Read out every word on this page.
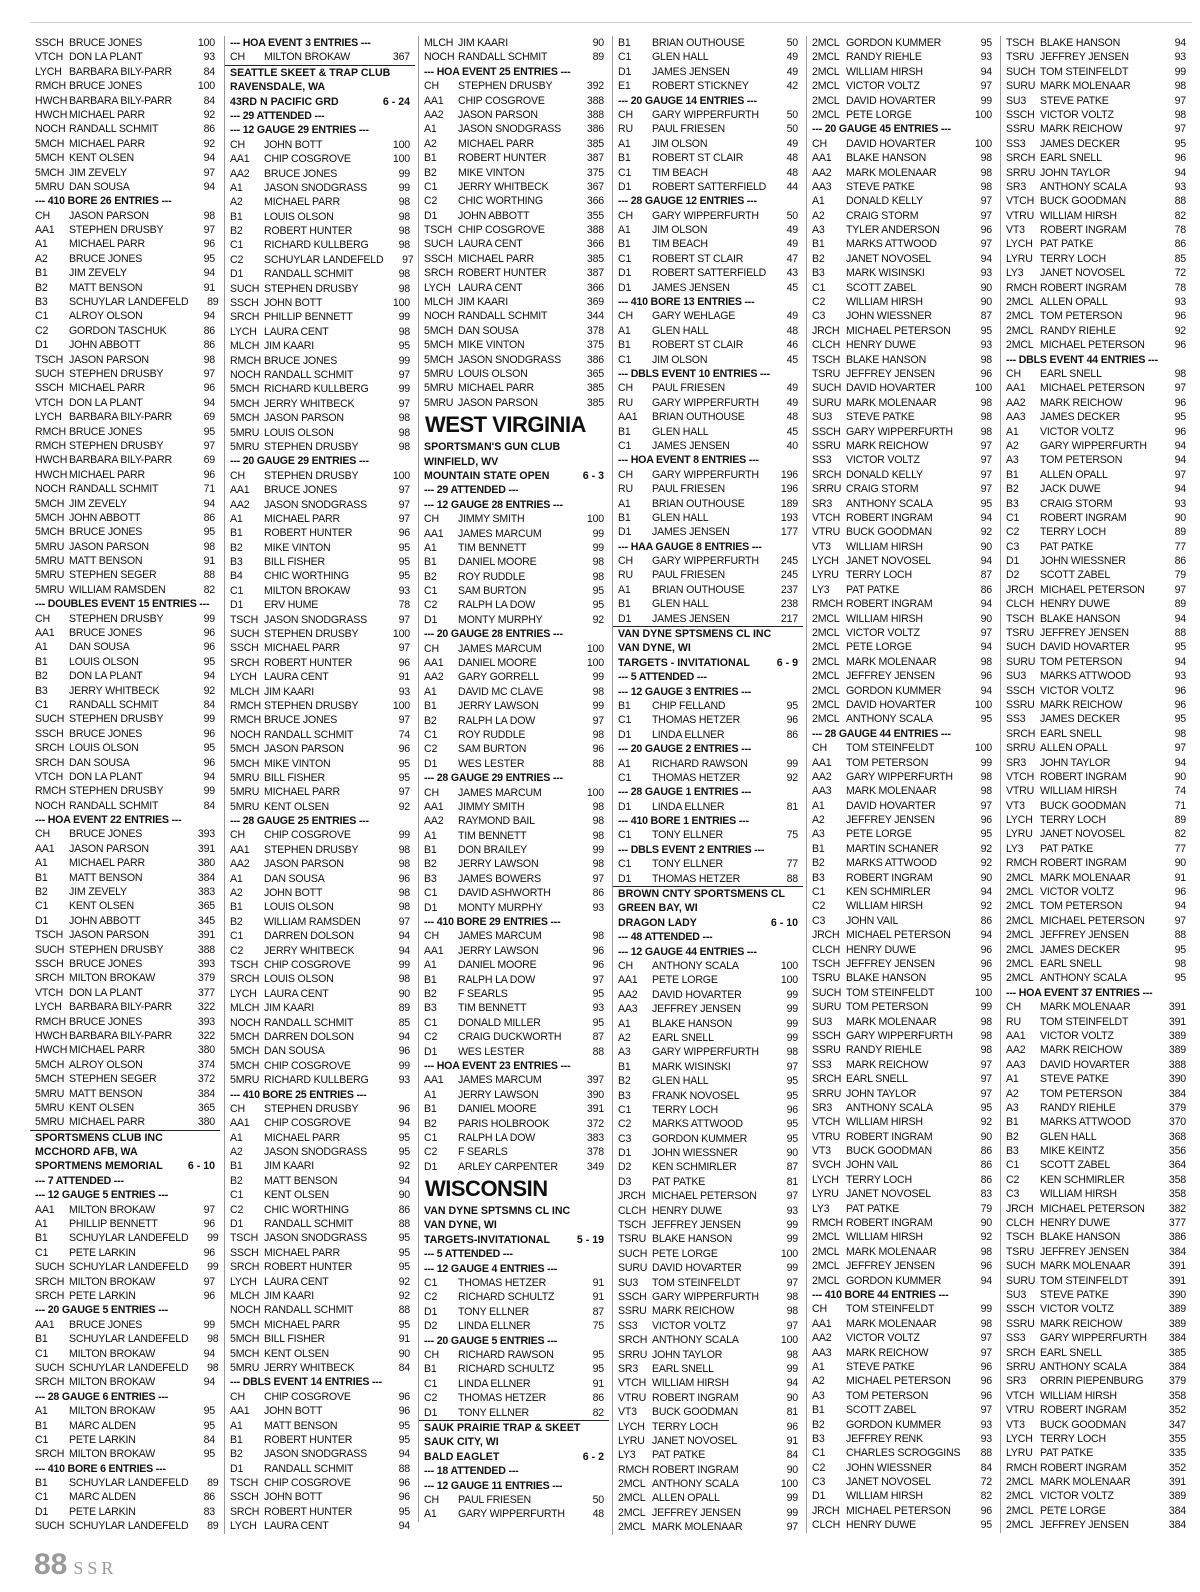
SSCH BRUCE JONES	100
VTCH DON LA PLANT	93
LYCH BARBARA BILY-PARR	84
RMCH BRUCE JONES	100
HWCH BARBARA BILY-PARR	84
HWCH MICHAEL PARR	92
NOCH RANDALL SCHMIT	86
5MCH MICHAEL PARR	92
5MCH KENT OLSEN	94
5MCH JIM ZEVELY	97
5MRU DAN SOUSA	94
--- 410 BORE 26 ENTRIES ---
CH	JASON PARSON	98
AA1	STEPHEN DRUSBY	97
A1	MICHAEL PARR	96
A2	BRUCE JONES	95
B1	JIM ZEVELY	94
B2	MATT BENSON	91
B3	SCHUYLAR LANDEFELD	89
C1	ALROY OLSON	94
C2	GORDON TASCHUK	86
D1	JOHN ABBOTT	86
TSCH JASON PARSON	98
SUCH STEPHEN DRUSBY	97
SSCH MICHAEL PARR	96
VTCH DON LA PLANT	94
LYCH BARBARA BILY-PARR	69
RMCH BRUCE JONES	95
RMCH STEPHEN DRUSBY	97
HWCH BARBARA BILY-PARR	69
HWCH MICHAEL PARR	96
NOCH RANDALL SCHMIT	71
5MCH JIM ZEVELY	94
5MCH JOHN ABBOTT	86
5MCH BRUCE JONES	95
5MRU JASON PARSON	98
5MRU MATT BENSON	91
5MRU STEPHEN SEGER	88
5MRU WILLIAM RAMSDEN	82
--- DOUBLES EVENT 15 ENTRIES ---
CH	STEPHEN DRUSBY	99
AA1	BRUCE JONES	96
A1	DAN SOUSA	96
B1	LOUIS OLSON	95
B2	DON LA PLANT	94
B3	JERRY WHITBECK	92
C1	RANDALL SCHMIT	84
SUCH STEPHEN DRUSBY	99
SSCH BRUCE JONES	96
SRCH LOUIS OLSON	95
SRCH DAN SOUSA	96
VTCH DON LA PLANT	94
RMCH STEPHEN DRUSBY	99
NOCH RANDALL SCHMIT	84
--- HOA EVENT 22 ENTRIES ---
CH	BRUCE JONES	393
AA1	JASON PARSON	391
A1	MICHAEL PARR	380
B1	MATT BENSON	384
B2	JIM ZEVELY	383
C1	KENT OLSEN	365
D1	JOHN ABBOTT	345
TSCH JASON PARSON	391
SUCH STEPHEN DRUSBY	388
SSCH BRUCE JONES	393
SRCH MILTON BROKAW	379
VTCH DON LA PLANT	377
LYCH BARBARA BILY-PARR	322
RMCH BRUCE JONES	393
HWCH BARBARA BILY-PARR	322
HWCH MICHAEL PARR	380
5MCH ALROY OLSON	374
5MCH STEPHEN SEGER	372
5MRU MATT BENSON	384
5MRU KENT OLSEN	365
5MRU MICHAEL PARR	380
SPORTSMENS CLUB INC
MCCHORD AFB, WA
SPORTMENS MEMORIAL	6 - 10
--- 7 ATTENDED ---
--- 12 GAUGE 5 ENTRIES ---
AA1	MILTON BROKAW	97
A1	PHILLIP BENNETT	96
B1	SCHUYLAR LANDEFELD	99
C1	PETE LARKIN	96
SUCH SCHUYLAR LANDEFELD	99
SRCH MILTON BROKAW	97
SRCH PETE LARKIN	96
--- 20 GAUGE 5 ENTRIES ---
AA1	BRUCE JONES	99
B1	SCHUYLAR LANDEFELD	98
C1	MILTON BROKAW	94
SUCH SCHUYLAR LANDEFELD	98
SRCH MILTON BROKAW	94
--- 28 GAUGE 6 ENTRIES ---
A1	MILTON BROKAW	95
B1	MARC ALDEN	95
C1	PETE LARKIN	84
SRCH MILTON BROKAW	95
--- 410 BORE 6 ENTRIES ---
B1	SCHUYLAR LANDEFELD	89
C1	MARC ALDEN	86
D1	PETE LARKIN	83
SUCH SCHUYLAR LANDEFELD	89
--- HOA EVENT 3 ENTRIES ---
CH	MILTON BROKAW	367
SEATTLE SKEET & TRAP CLUB
RAVENSDALE, WA
43RD N PACIFIC GRD	6 - 24
--- 29 ATTENDED ---
--- 12 GAUGE 29 ENTRIES ---
CH	JOHN BOTT	100
AA1	CHIP COSGROVE	100
AA2	BRUCE JONES	99
A1	JASON SNODGRASS	99
A2	MICHAEL PARR	98
B1	LOUIS OLSON	98
B2	ROBERT HUNTER	98
C1	RICHARD KULLBERG	98
C2	SCHUYLAR LANDEFELD	97
D1	RANDALL SCHMIT	98
SUCH STEPHEN DRUSBY	98
SSCH JOHN BOTT	100
SRCH PHILLIP BENNETT	99
LYCH LAURA CENT	98
MLCH JIM KAARI	95
RMCH BRUCE JONES	99
NOCH RANDALL SCHMIT	97
5MCH RICHARD KULLBERG	99
5MCH JERRY WHITBECK	97
5MCH JASON PARSON	98
5MRU LOUIS OLSON	98
5MRU STEPHEN DRUSBY	98
--- 20 GAUGE 29 ENTRIES ---
CH	STEPHEN DRUSBY	100
AA1	BRUCE JONES	97
AA2	JASON SNODGRASS	97
A1	MICHAEL PARR	97
B1	ROBERT HUNTER	96
B2	MIKE VINTON	95
B3	BILL FISHER	95
B4	CHIC WORTHING	95
C1	MILTON BROKAW	93
D1	ERV HUME	78
TSCH JASON SNODGRASS	97
SUCH STEPHEN DRUSBY	100
SSCH MICHAEL PARR	97
SRCH ROBERT HUNTER	96
LYCH LAURA CENT	91
MLCH JIM KAARI	93
RMCH STEPHEN DRUSBY	100
RMCH BRUCE JONES	97
NOCH RANDALL SCHMIT	74
5MCH JASON PARSON	96
5MCH MIKE VINTON	95
5MRU BILL FISHER	95
5MRU MICHAEL PARR	97
5MRU KENT OLSEN	92
--- 28 GAUGE 25 ENTRIES ---
CH	CHIP COSGROVE	99
AA1	STEPHEN DRUSBY	98
AA2	JASON PARSON	98
A1	DAN SOUSA	96
A2	JOHN BOTT	98
B1	LOUIS OLSON	98
B2	WILLIAM RAMSDEN	97
C1	DARREN DOLSON	94
C2	JERRY WHITBECK	94
TSCH CHIP COSGROVE	99
SRCH LOUIS OLSON	98
LYCH LAURA CENT	90
MLCH JIM KAARI	89
NOCH RANDALL SCHMIT	85
5MCH DARREN DOLSON	94
5MCH DAN SOUSA	96
5MCH CHIP COSGROVE	99
5MRU RICHARD KULLBERG	93
--- 410 BORE 25 ENTRIES ---
CH	STEPHEN DRUSBY	96
AA1	CHIP COSGROVE	94
A1	MICHAEL PARR	95
A2	JASON SNODGRASS	95
B1	JIM KAARI	92
B2	MATT BENSON	94
C1	KENT OLSEN	90
C2	CHIC WORTHING	86
D1	RANDALL SCHMIT	88
TSCH JASON SNODGRASS	95
SSCH MICHAEL PARR	95
SRCH ROBERT HUNTER	95
LYCH LAURA CENT	92
MLCH JIM KAARI	92
NOCH RANDALL SCHMIT	88
5MCH MICHAEL PARR	95
5MCH BILL FISHER	91
5MCH KENT OLSEN	90
5MRU JERRY WHITBECK	84
--- DBLS EVENT 14 ENTRIES ---
CH	CHIP COSGROVE	96
AA1	JOHN BOTT	96
A1	MATT BENSON	95
B1	ROBERT HUNTER	95
B2	JASON SNODGRASS	94
D1	RANDALL SCHMIT	88
TSCH CHIP COSGROVE	96
SSCH JOHN BOTT	96
SRCH ROBERT HUNTER	95
LYCH LAURA CENT	94
MLCH JIM KAARI	90
NOCH RANDALL SCHMIT	89
--- HOA EVENT 25 ENTRIES ---
CH	STEPHEN DRUSBY	392
AA1	CHIP COSGROVE	388
AA2	JASON PARSON	388
A1	JASON SNODGRASS	386
A2	MICHAEL PARR	385
B1	ROBERT HUNTER	387
B2	MIKE VINTON	375
C1	JERRY WHITBECK	367
C2	CHIC WORTHING	366
D1	JOHN ABBOTT	355
TSCH CHIP COSGROVE	388
SUCH LAURA CENT	366
SSCH MICHAEL PARR	385
SRCH ROBERT HUNTER	387
LYCH LAURA CENT	366
MLCH JIM KAARI	369
NOCH RANDALL SCHMIT	344
5MCH DAN SOUSA	378
5MCH MIKE VINTON	375
5MCH JASON SNODGRASS	386
5MRU LOUIS OLSON	365
5MRU MICHAEL PARR	385
5MRU JASON PARSON	385
WEST VIRGINIA
SPORTSMAN'S GUN CLUB
WINFIELD, WV
MOUNTAIN STATE OPEN	6 - 3
--- 29 ATTENDED ---
--- 12 GAUGE 28 ENTRIES ---
CH	JIMMY SMITH	100
AA1	JAMES MARCUM	99
A1	TIM BENNETT	99
B1	DANIEL MOORE	98
B2	ROY RUDDLE	98
C1	SAM BURTON	95
C2	RALPH LA DOW	95
D1	MONTY MURPHY	92
--- 20 GAUGE 28 ENTRIES ---
CH	JAMES MARCUM	100
AA1	DANIEL MOORE	100
AA2	GARY GORRELL	99
A1	DAVID MC CLAVE	98
B1	JERRY LAWSON	99
B2	RALPH LA DOW	97
C1	ROY RUDDLE	98
C2	SAM BURTON	96
D1	WES LESTER	88
--- 28 GAUGE 29 ENTRIES ---
CH	JAMES MARCUM	100
AA1	JIMMY SMITH	98
AA2	RAYMOND BAIL	98
A1	TIM BENNETT	98
B1	DON BRAILEY	99
B2	JERRY LAWSON	98
B3	JAMES BOWERS	97
C1	DAVID ASHWORTH	86
D1	MONTY MURPHY	93
--- 410 BORE 29 ENTRIES ---
CH	JAMES MARCUM	98
AA1	JERRY LAWSON	96
A1	DANIEL MOORE	96
B1	RALPH LA DOW	97
B2	F SEARLS	95
B3	TIM BENNETT	93
C1	DONALD MILLER	95
C2	CRAIG DUCKWORTH	87
D1	WES LESTER	88
--- HOA EVENT 23 ENTRIES ---
AA1	JAMES MARCUM	397
A1	JERRY LAWSON	390
B1	DANIEL MOORE	391
B2	PARIS HOLBROOK	372
C1	RALPH LA DOW	383
C2	F SEARLS	378
D1	ARLEY CARPENTER	349
WISCONSIN
VAN DYNE SPTSMNS CL INC
VAN DYNE, WI
TARGETS-INVITATIONAL	5 - 19
--- 5 ATTENDED ---
--- 12 GAUGE 4 ENTRIES ---
C1	THOMAS HETZER	91
C2	RICHARD SCHULTZ	91
D1	TONY ELLNER	87
D2	LINDA ELLNER	75
--- 20 GAUGE 5 ENTRIES ---
CH	RICHARD RAWSON	95
B1	RICHARD SCHULTZ	95
C1	LINDA ELLNER	91
C2	THOMAS HETZER	86
D1	TONY ELLNER	82
SAUK PRAIRIE TRAP & SKEET
SAUK CITY, WI
BALD EAGLET	6 - 2
--- 18 ATTENDED ---
--- 12 GAUGE 11 ENTRIES ---
CH	PAUL FRIESEN	50
A1	GARY WIPPERFURTH	48
B1	BRIAN OUTHOUSE	50
C1	GLEN HALL	49
D1	JAMES JENSEN	49
E1	ROBERT STICKNEY	42
--- 20 GAUGE 14 ENTRIES ---
CH	GARY WIPPERFURTH	50
RU	PAUL FRIESEN	50
A1	JIM OLSON	49
B1	ROBERT ST CLAIR	48
C1	TIM BEACH	48
D1	ROBERT SATTERFIELD	44
--- 28 GAUGE 12 ENTRIES ---
CH	GARY WIPPERFURTH	50
A1	JIM OLSON	49
B1	TIM BEACH	49
C1	ROBERT ST CLAIR	47
D1	ROBERT SATTERFIELD	43
D1	JAMES JENSEN	45
--- 410 BORE 13 ENTRIES ---
CH	GARY WEHLAGE	49
A1	GLEN HALL	48
B1	ROBERT ST CLAIR	46
C1	JIM OLSON	45
--- DBLS EVENT 10 ENTRIES ---
CH	PAUL FRIESEN	49
RU	GARY WIPPERFURTH	49
AA1	BRIAN OUTHOUSE	48
B1	GLEN HALL	45
C1	JAMES JENSEN	40
--- HOA EVENT 8 ENTRIES ---
CH	GARY WIPPERFURTH	196
RU	PAUL FRIESEN	196
A1	BRIAN OUTHOUSE	189
B1	GLEN HALL	193
D1	JAMES JENSEN	177
--- HAA GAUGE 8 ENTRIES ---
CH	GARY WIPPERFURTH	245
RU	PAUL FRIESEN	245
A1	BRIAN OUTHOUSE	237
B1	GLEN HALL	238
D1	JAMES JENSEN	217
VAN DYNE SPTSMENS CL INC
VAN DYNE, WI
TARGETS - INVITATIONAL	6 - 9
--- 5 ATTENDED ---
--- 12 GAUGE 3 ENTRIES ---
B1	CHIP FELLAND	95
C1	THOMAS HETZER	96
D1	LINDA ELLNER	86
--- 20 GAUGE 2 ENTRIES ---
A1	RICHARD RAWSON	99
C1	THOMAS HETZER	92
--- 28 GAUGE 1 ENTRIES ---
D1	LINDA ELLNER	81
--- 410 BORE 1 ENTRIES ---
C1	TONY ELLNER	75
--- DBLS EVENT 2 ENTRIES ---
C1	TONY ELLNER	77
D1	THOMAS HETZER	88
BROWN CNTY SPORTSMENS CL
GREEN BAY, WI
DRAGON LADY	6 - 10
--- 48 ATTENDED ---
--- 12 GAUGE 44 ENTRIES ---
CH	ANTHONY SCALA	100
AA1	PETE LORGE	100
AA2	DAVID HOVARTER	99
AA3	JEFFREY JENSEN	99
A1	BLAKE HANSON	99
A2	EARL SNELL	99
A3	GARY WIPPERFURTH	98
B1	MARK WISINSKI	97
B2	GLEN HALL	95
B3	FRANK NOVOSEL	95
C1	TERRY LOCH	96
C2	MARKS ATTWOOD	95
C3	GORDON KUMMER	95
D1	JOHN WIESSNER	90
D2	KEN SCHMIRLER	87
D3	PAT PATKE	81
JRCH MICHAEL PETERSON	97
CLCH HENRY DUWE	93
TSCH JEFFREY JENSEN	99
TSRU BLAKE HANSON	99
SUCH PETE LORGE	100
SURU DAVID HOVARTER	99
SU3	TOM STEINFELDT	97
SSCH GARY WIPPERFURTH	98
SSRU MARK REICHOW	98
SS3	VICTOR VOLTZ	97
SRCH ANTHONY SCALA	100
SRRU JOHN TAYLOR	98
SR3	EARL SNELL	99
VTCH WILLIAM HIRSH	94
VTRU ROBERT INGRAM	90
VT3	BUCK GOODMAN	81
LYCH TERRY LOCH	96
LYRU JANET NOVOSEL	91
LY3	PAT PATKE	84
RMCH ROBERT INGRAM	90
2MCL ANTHONY SCALA	100
2MCL ALLEN OPALL	99
2MCL JEFFREY JENSEN	99
2MCL MARK MOLENAAR	97
2MCL GORDON KUMMER	95
2MCL RANDY RIEHLE	93
2MCL WILLIAM HIRSH	94
2MCL VICTOR VOLTZ	97
2MCL DAVID HOVARTER	99
2MCL PETE LORGE	100
--- 20 GAUGE 45 ENTRIES ---
CH	DAVID HOVARTER	100
AA1	BLAKE HANSON	98
AA2	MARK MOLENAAR	98
AA3	STEVE PATKE	98
A1	DONALD KELLY	97
A2	CRAIG STORM	97
A3	TYLER ANDERSON	96
B1	MARKS ATTWOOD	97
B2	JANET NOVOSEL	94
B3	MARK WISINSKI	93
C1	SCOTT ZABEL	90
C2	WILLIAM HIRSH	90
C3	JOHN WIESSNER	87
JRCH MICHAEL PETERSON	95
CLCH HENRY DUWE	93
TSCH BLAKE HANSON	98
TSRU JEFFREY JENSEN	96
SUCH DAVID HOVARTER	100
SURU MARK MOLENAAR	98
SU3	STEVE PATKE	98
SSCH GARY WIPPERFURTH	98
SSRU MARK REICHOW	97
SS3	VICTOR VOLTZ	97
SRCH DONALD KELLY	97
SRRU CRAIG STORM	97
SR3	ANTHONY SCALA	95
VTCH ROBERT INGRAM	94
VTRU BUCK GOODMAN	92
VT3	WILLIAM HIRSH	90
LYCH JANET NOVOSEL	94
LYRU TERRY LOCH	87
LY3	PAT PATKE	86
RMCH ROBERT INGRAM	94
2MCL WILLIAM HIRSH	90
2MCL VICTOR VOLTZ	97
2MCL PETE LORGE	94
2MCL MARK MOLENAAR	98
2MCL JEFFREY JENSEN	96
2MCL GORDON KUMMER	94
2MCL DAVID HOVARTER	100
2MCL ANTHONY SCALA	95
--- 28 GAUGE 44 ENTRIES ---
CH	TOM STEINFELDT	100
AA1	TOM PETERSON	99
AA2	GARY WIPPERFURTH	98
AA3	MARK MOLENAAR	98
A1	DAVID HOVARTER	97
A2	JEFFREY JENSEN	96
A3	PETE LORGE	95
B1	MARTIN SCHANER	92
B2	MARKS ATTWOOD	92
B3	ROBERT INGRAM	90
C1	KEN SCHMIRLER	94
C2	WILLIAM HIRSH	92
C3	JOHN VAIL	86
JRCH MICHAEL PETERSON	94
CLCH HENRY DUWE	96
TSCH JEFFREY JENSEN	96
TSRU BLAKE HANSON	95
SUCH TOM STEINFELDT	100
SURU TOM PETERSON	99
SU3	MARK MOLENAAR	98
SSCH GARY WIPPERFURTH	98
SSRU RANDY RIEHLE	98
SS3	MARK REICHOW	97
SRCH EARL SNELL	97
SRRU JOHN TAYLOR	97
SR3	ANTHONY SCALA	95
VTCH WILLIAM HIRSH	92
VTRU ROBERT INGRAM	90
VT3	BUCK GOODMAN	86
SVCH JOHN VAIL	86
LYCH TERRY LOCH	86
LYRU JANET NOVOSEL	83
LY3	PAT PATKE	79
RMCH ROBERT INGRAM	90
2MCL WILLIAM HIRSH	92
2MCL MARK MOLENAAR	98
2MCL JEFFREY JENSEN	96
2MCL GORDON KUMMER	94
--- 410 BORE 44 ENTRIES ---
CH	TOM STEINFELDT	99
AA1	MARK MOLENAAR	98
AA2	VICTOR VOLTZ	97
AA3	MARK REICHOW	97
A1	STEVE PATKE	96
A2	MICHAEL PETERSON	96
A3	TOM PETERSON	96
B1	SCOTT ZABEL	97
B2	GORDON KUMMER	93
B3	JEFFREY RENK	93
C1	CHARLES SCROGGINS	88
C2	JOHN WIESSNER	84
C3	JANET NOVOSEL	72
D1	WILLIAM HIRSH	82
JRCH MICHAEL PETERSON	96
CLCH HENRY DUWE	95
TSCH BLAKE HANSON	94
TSRU JEFFREY JENSEN	93
SUCH TOM STEINFELDT	99
SURU MARK MOLENAAR	98
SU3	STEVE PATKE	97
SSCH VICTOR VOLTZ	98
SSRU MARK REICHOW	97
SS3	JAMES DECKER	95
SRCH EARL SNELL	96
SRRU JOHN TAYLOR	94
SR3	ANTHONY SCALA	93
VTCH BUCK GOODMAN	88
VTRU WILLIAM HIRSH	82
VT3	ROBERT INGRAM	78
LYCH PAT PATKE	86
LYRU TERRY LOCH	85
LY3	JANET NOVOSEL	72
RMCH ROBERT INGRAM	78
2MCL ALLEN OPALL	93
2MCL TOM PETERSON	96
2MCL RANDY RIEHLE	92
2MCL MICHAEL PETERSON	96
--- DBLS EVENT 44 ENTRIES ---
CH	EARL SNELL	98
AA1	MICHAEL PETERSON	97
AA2	MARK REICHOW	96
AA3	JAMES DECKER	95
A1	VICTOR VOLTZ	96
A2	GARY WIPPERFURTH	94
A3	TOM PETERSON	94
B1	ALLEN OPALL	97
B2	JACK DUWE	94
B3	CRAIG STORM	93
C1	ROBERT INGRAM	90
C2	TERRY LOCH	89
C3	PAT PATKE	77
D1	JOHN WIESSNER	86
D2	SCOTT ZABEL	79
JRCH MICHAEL PETERSON	97
CLCH HENRY DUWE	89
TSCH BLAKE HANSON	94
TSRU JEFFREY JENSEN	88
SUCH DAVID HOVARTER	95
SURU TOM PETERSON	94
SU3	MARKS ATTWOOD	93
SSCH VICTOR VOLTZ	96
SSRU MARK REICHOW	96
SS3	JAMES DECKER	95
SRCH EARL SNELL	98
SRRU ALLEN OPALL	97
SR3	JOHN TAYLOR	94
VTCH ROBERT INGRAM	90
VTRU WILLIAM HIRSH	74
VT3	BUCK GOODMAN	71
LYCH TERRY LOCH	89
LYRU JANET NOVOSEL	82
LY3	PAT PATKE	77
RMCH ROBERT INGRAM	90
2MCL MARK MOLENAAR	91
2MCL VICTOR VOLTZ	96
2MCL TOM PETERSON	94
2MCL MICHAEL PETERSON	97
2MCL JEFFREY JENSEN	88
2MCL JAMES DECKER	95
2MCL EARL SNELL	98
2MCL ANTHONY SCALA	95
--- HOA EVENT 37 ENTRIES ---
CH	MARK MOLENAAR	391
RU	TOM STEINFELDT	391
AA1	VICTOR VOLTZ	389
AA2	MARK REICHOW	389
AA3	DAVID HOVARTER	388
A1	STEVE PATKE	390
A2	TOM PETERSON	384
A3	RANDY RIEHLE	379
B1	MARKS ATTWOOD	370
B2	GLEN HALL	368
B3	MIKE KEINTZ	356
C1	SCOTT ZABEL	364
C2	KEN SCHMIRLER	358
C3	WILLIAM HIRSH	358
JRCH MICHAEL PETERSON	382
CLCH HENRY DUWE	377
TSCH BLAKE HANSON	386
TSRU JEFFREY JENSEN	384
SUCH MARK MOLENAAR	391
SURU TOM STEINFELDT	391
SU3	STEVE PATKE	390
SSCH VICTOR VOLTZ	389
SSRU MARK REICHOW	389
SS3	GARY WIPPERFURTH	384
SRCH EARL SNELL	385
SRRU ANTHONY SCALA	384
SR3	ORRIN PIEPENBURG	379
VTCH WILLIAM HIRSH	358
VTRU ROBERT INGRAM	352
VT3	BUCK GOODMAN	347
LYCH TERRY LOCH	355
LYRU PAT PATKE	335
RMCH ROBERT INGRAM	352
2MCL MARK MOLENAAR	391
2MCL VICTOR VOLTZ	389
2MCL PETE LORGE	384
2MCL JEFFREY JENSEN	384
88 SSR
